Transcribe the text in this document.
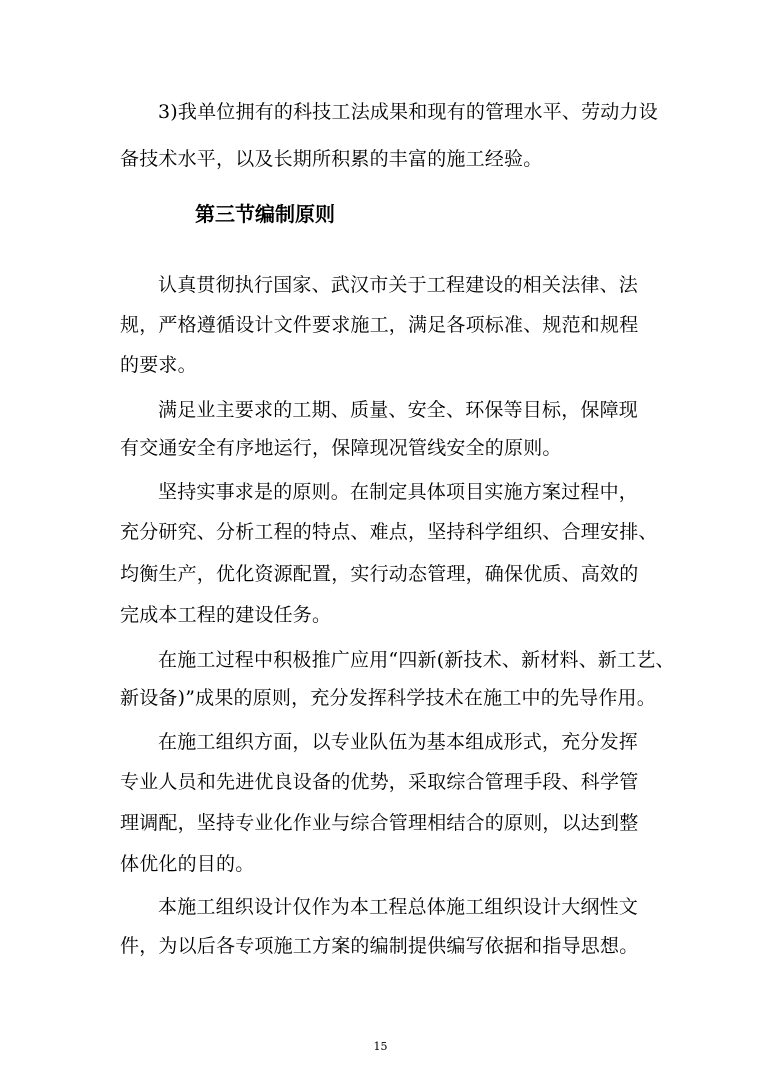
3)我单位拥有的科技工法成果和现有的管理水平、劳动力设
备技术水平，以及长期所积累的丰富的施工经验。
第三节编制原则
认真贯彻执行国家、武汉市关于工程建设的相关法律、法
规，严格遵循设计文件要求施工，满足各项标准、规范和规程
的要求。
满足业主要求的工期、质量、安全、环保等目标，保障现
有交通安全有序地运行，保障现况管线安全的原则。
坚持实事求是的原则。在制定具体项目实施方案过程中，
充分研究、分析工程的特点、难点，坚持科学组织、合理安排、
均衡生产，优化资源配置，实行动态管理，确保优质、高效的
完成本工程的建设任务。
在施工过程中积极推广应用“四新(新技术、新材料、新工艺、
新设备)”成果的原则，充分发挥科学技术在施工中的先导作用。
在施工组织方面，以专业队伍为基本组成形式，充分发挥
专业人员和先进优良设备的优势，采取综合管理手段、科学管
理调配，坚持专业化作业与综合管理相结合的原则，以达到整
体优化的目的。
本施工组织设计仅作为本工程总体施工组织设计大纲性文
件，为以后各专项施工方案的编制提供编写依据和指导思想。
15
